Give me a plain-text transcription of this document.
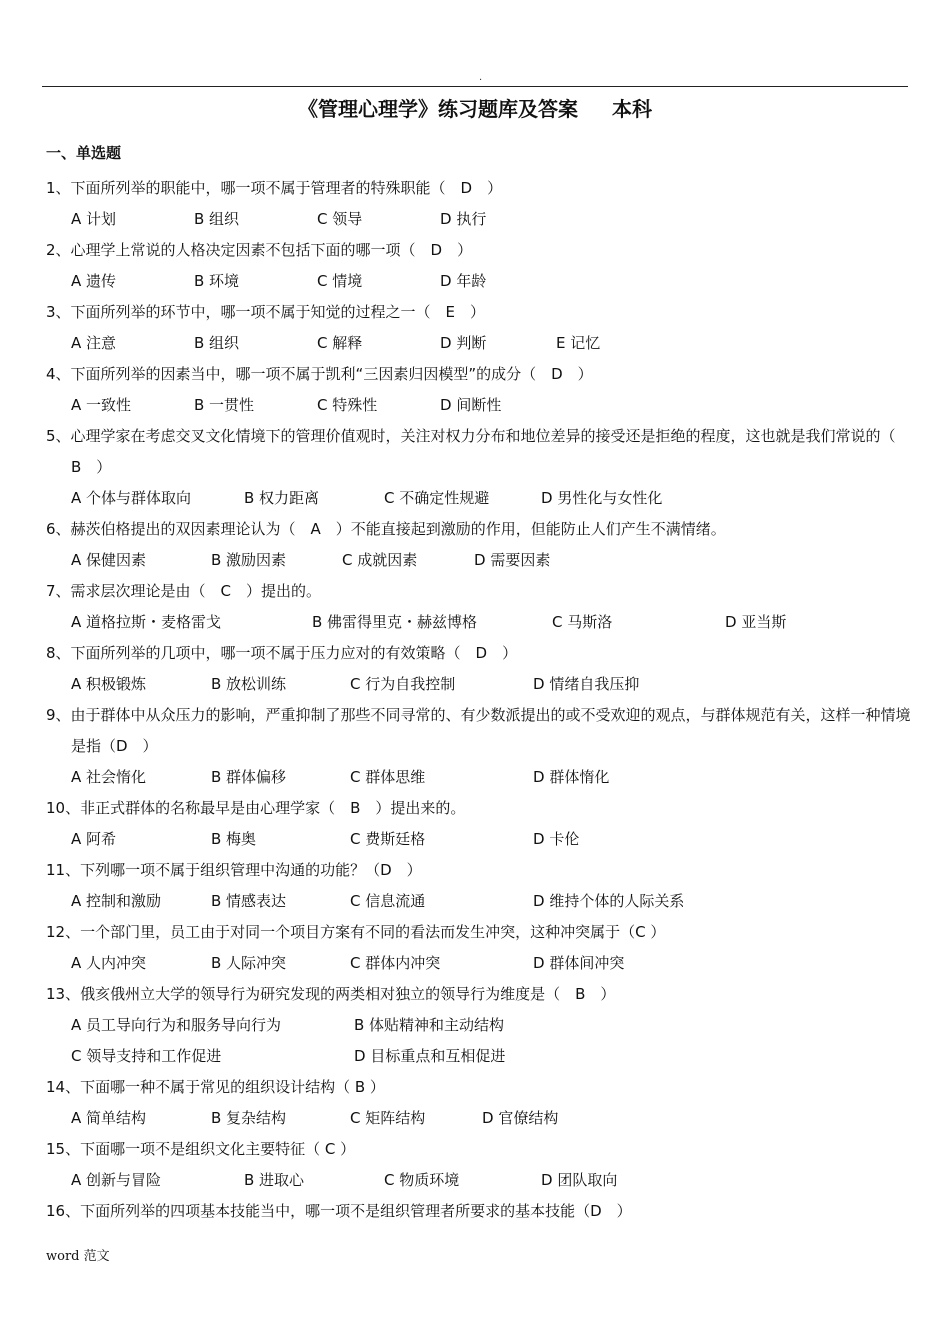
.
《管理心理学》练习题库及答案 本科
一、单选题
1、下面所列举的职能中，哪一项不属于管理者的特殊职能（　D　）
A 计划	B 组织	C 领导	D 执行
2、心理学上常说的人格决定因素不包括下面的哪一项（　D　）
A 遗传	B 环境	C 情境	D 年龄
3、下面所列举的环节中，哪一项不属于知觉的过程之一（　E　）
A 注意	B 组织	C 解释	D 判断	E 记忆
4、下面所列举的因素当中，哪一项不属于凯利“三因素归因模型”的成分（　D　）
A 一致性	B 一贯性	C 特殊性	D 间断性
5、心理学家在考虑交叉文化情境下的管理价值观时，关注对权力分布和地位差异的接受还是拒绝的程度，这也就是我们常说的（　B　）
A 个体与群体取向	B 权力距离	C 不确定性规避	D 男性化与女性化
6、赫茨伯格提出的双因素理论认为（　A　）不能直接起到激励的作用，但能防止人们产生不满情绪。
A 保健因素	B 激励因素	C 成就因素	D 需要因素
7、需求层次理论是由（　C　）提出的。
A 道格拉斯・麦格雷戈	B 佛雷得里克・赫兹博格	C 马斯洛	D 亚当斯
8、下面所列举的几项中，哪一项不属于压力应对的有效策略（　D　）
A 积极锻炼	B 放松训练	C 行为自我控制	D 情绪自我压抑
9、由于群体中从众压力的影响，严重抑制了那些不同寻常的、有少数派提出的或不受欢迎的观点，与群体规范有关，这样一种情境是指（D　）
A 社会惰化	B 群体偏移	C 群体思维	D 群体惰化
10、非正式群体的名称最早是由心理学家（　B　）提出来的。
A 阿希	B 梅奥	C 费斯廷格	D 卡伦
11、下列哪一项不属于组织管理中沟通的功能？（D　）
A 控制和激励	B 情感表达	C 信息流通	D 维持个体的人际关系
12、一个部门里，员工由于对同一个项目方案有不同的看法而发生冲突，这种冲突属于（C ）
A 人内冲突	B 人际冲突	C 群体内冲突	D 群体间冲突
13、俄亥俄州立大学的领导行为研究发现的两类相对独立的领导行为维度是（　B　）
A 员工导向行为和服务导向行为	B 体贴精神和主动结构
C 领导支持和工作促进	D 目标重点和互相促进
14、下面哪一种不属于常见的组织设计结构（ B ）
A 简单结构	B 复杂结构	C 矩阵结构	D 官僚结构
15、下面哪一项不是组织文化主要特征（ C ）
A 创新与冒险	B 进取心	C 物质环境	D 团队取向
16、下面所列举的四项基本技能当中，哪一项不是组织管理者所要求的基本技能（D　）
word 范文
